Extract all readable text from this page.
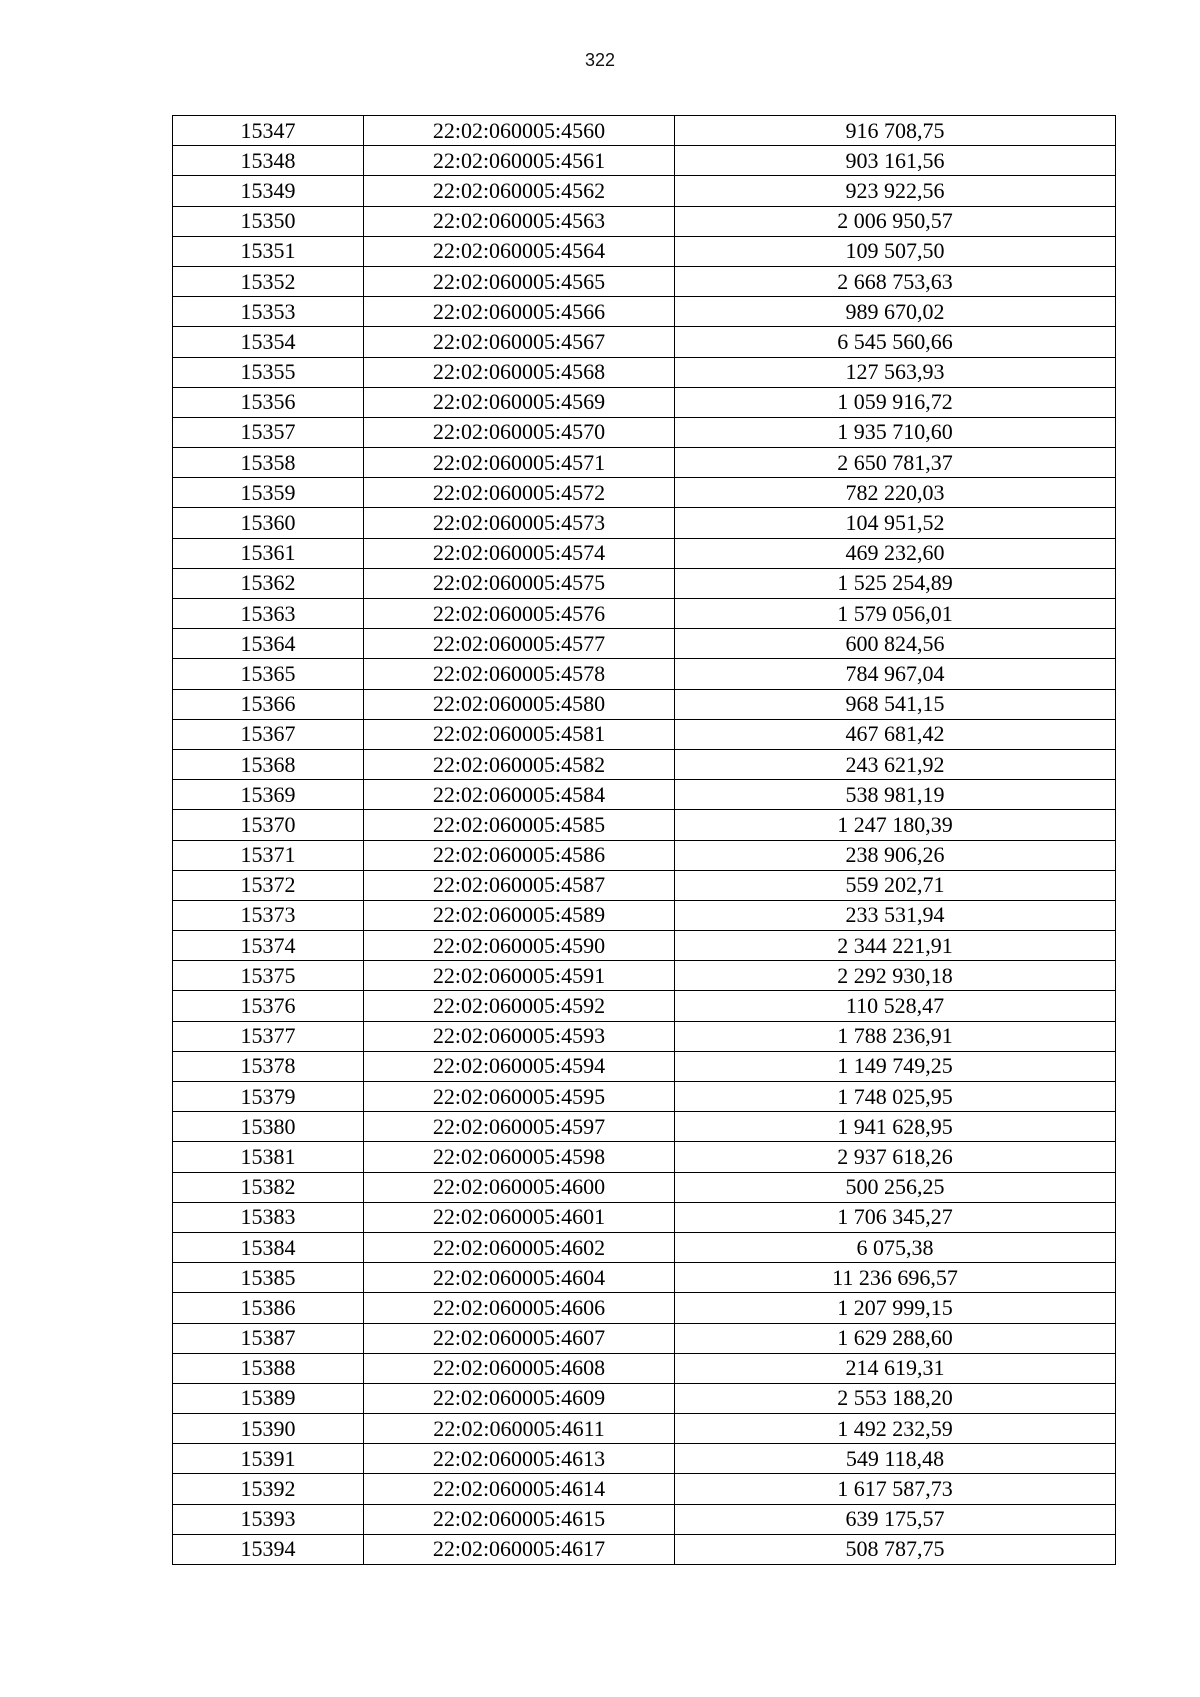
322
15347	22:02:060005:4560	916 708,75
15348	22:02:060005:4561	903 161,56
15349	22:02:060005:4562	923 922,56
15350	22:02:060005:4563	2 006 950,57
15351	22:02:060005:4564	109 507,50
15352	22:02:060005:4565	2 668 753,63
15353	22:02:060005:4566	989 670,02
15354	22:02:060005:4567	6 545 560,66
15355	22:02:060005:4568	127 563,93
15356	22:02:060005:4569	1 059 916,72
15357	22:02:060005:4570	1 935 710,60
15358	22:02:060005:4571	2 650 781,37
15359	22:02:060005:4572	782 220,03
15360	22:02:060005:4573	104 951,52
15361	22:02:060005:4574	469 232,60
15362	22:02:060005:4575	1 525 254,89
15363	22:02:060005:4576	1 579 056,01
15364	22:02:060005:4577	600 824,56
15365	22:02:060005:4578	784 967,04
15366	22:02:060005:4580	968 541,15
15367	22:02:060005:4581	467 681,42
15368	22:02:060005:4582	243 621,92
15369	22:02:060005:4584	538 981,19
15370	22:02:060005:4585	1 247 180,39
15371	22:02:060005:4586	238 906,26
15372	22:02:060005:4587	559 202,71
15373	22:02:060005:4589	233 531,94
15374	22:02:060005:4590	2 344 221,91
15375	22:02:060005:4591	2 292 930,18
15376	22:02:060005:4592	110 528,47
15377	22:02:060005:4593	1 788 236,91
15378	22:02:060005:4594	1 149 749,25
15379	22:02:060005:4595	1 748 025,95
15380	22:02:060005:4597	1 941 628,95
15381	22:02:060005:4598	2 937 618,26
15382	22:02:060005:4600	500 256,25
15383	22:02:060005:4601	1 706 345,27
15384	22:02:060005:4602	6 075,38
15385	22:02:060005:4604	11 236 696,57
15386	22:02:060005:4606	1 207 999,15
15387	22:02:060005:4607	1 629 288,60
15388	22:02:060005:4608	214 619,31
15389	22:02:060005:4609	2 553 188,20
15390	22:02:060005:4611	1 492 232,59
15391	22:02:060005:4613	549 118,48
15392	22:02:060005:4614	1 617 587,73
15393	22:02:060005:4615	639 175,57
15394	22:02:060005:4617	508 787,75
